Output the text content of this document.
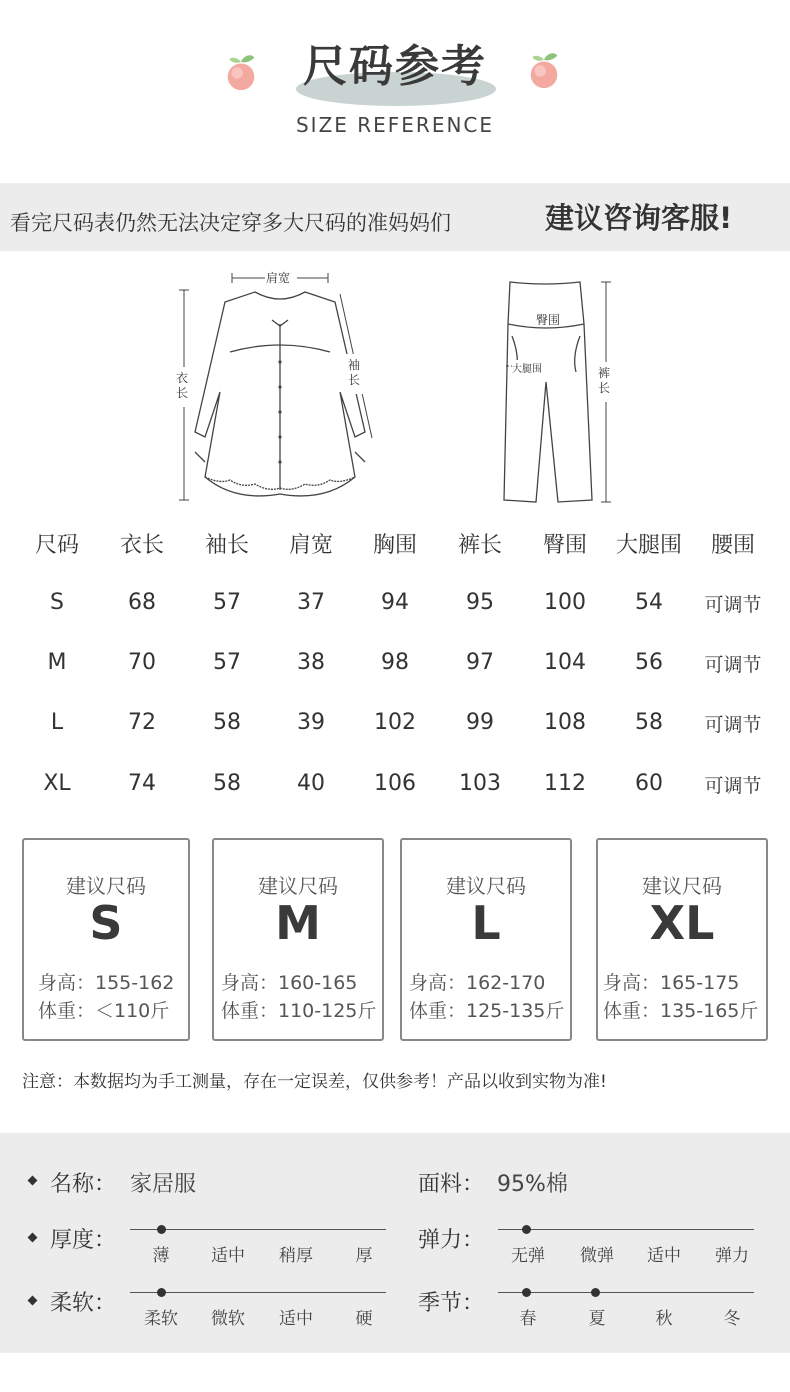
尺码参考
SIZE REFERENCE
看完尺码表仍然无法决定穿多大尺码的准妈妈们	建议咨询客服!
肩宽
衣长
袖长
臀围
大腿围	裤长
尺码	衣长	袖长	肩宽	胸围	裤长	臀围	大腿围	腰围
S	68	57	37	94	95	100	54	可调节
M	70	57	38	98	97	104	56	可调节
L	72	58	39	102	99	108	58	可调节
XL	74	58	40	106	103	112	60	可调节
建议尺码
S
身高：155-162
体重：＜110斤
建议尺码
M
身高：160-165
体重：110-125斤
建议尺码
L
身高：162-170
体重：125-135斤
建议尺码
XL
身高：165-175
体重：135-165斤
注意：本数据均为手工测量，存在一定误差，仅供参考！产品以收到实物为准!
名称： 家居服	面料： 95%棉
厚度：
薄	适中	稍厚	厚
弹力：
无弹	微弹	适中	弹力
柔软：
柔软	微软	适中	硬
季节：
春	夏	秋	冬
